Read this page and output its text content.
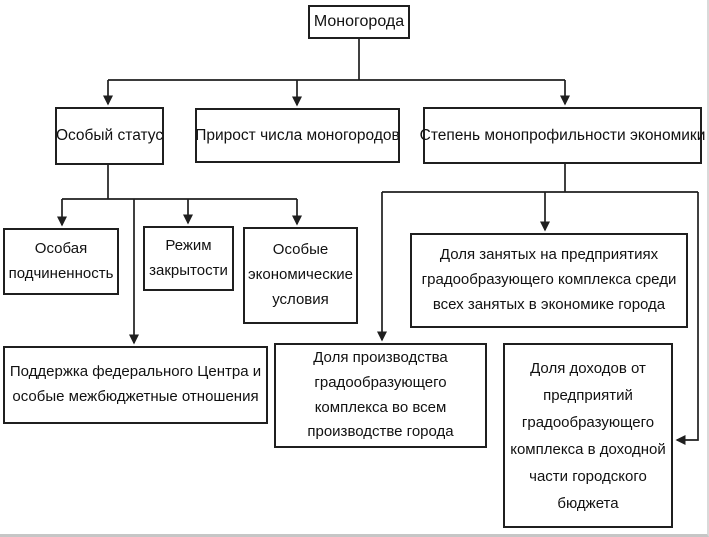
Моногорода
Особый статус Прирост числа моногородов Степень монопрофильности экономики
Особая подчиненность
Режим закрытости
Особые экономические условия
Поддержка федерального Центра и особые межбюджетные отношения
Доля производства градообразующего комплекса во всем производстве города
Доля занятых на предприятиях градообразующего комплекса среди всех занятых в экономике города
Доля доходов от предприятий градообразующего комплекса в доходной части городского бюджета
